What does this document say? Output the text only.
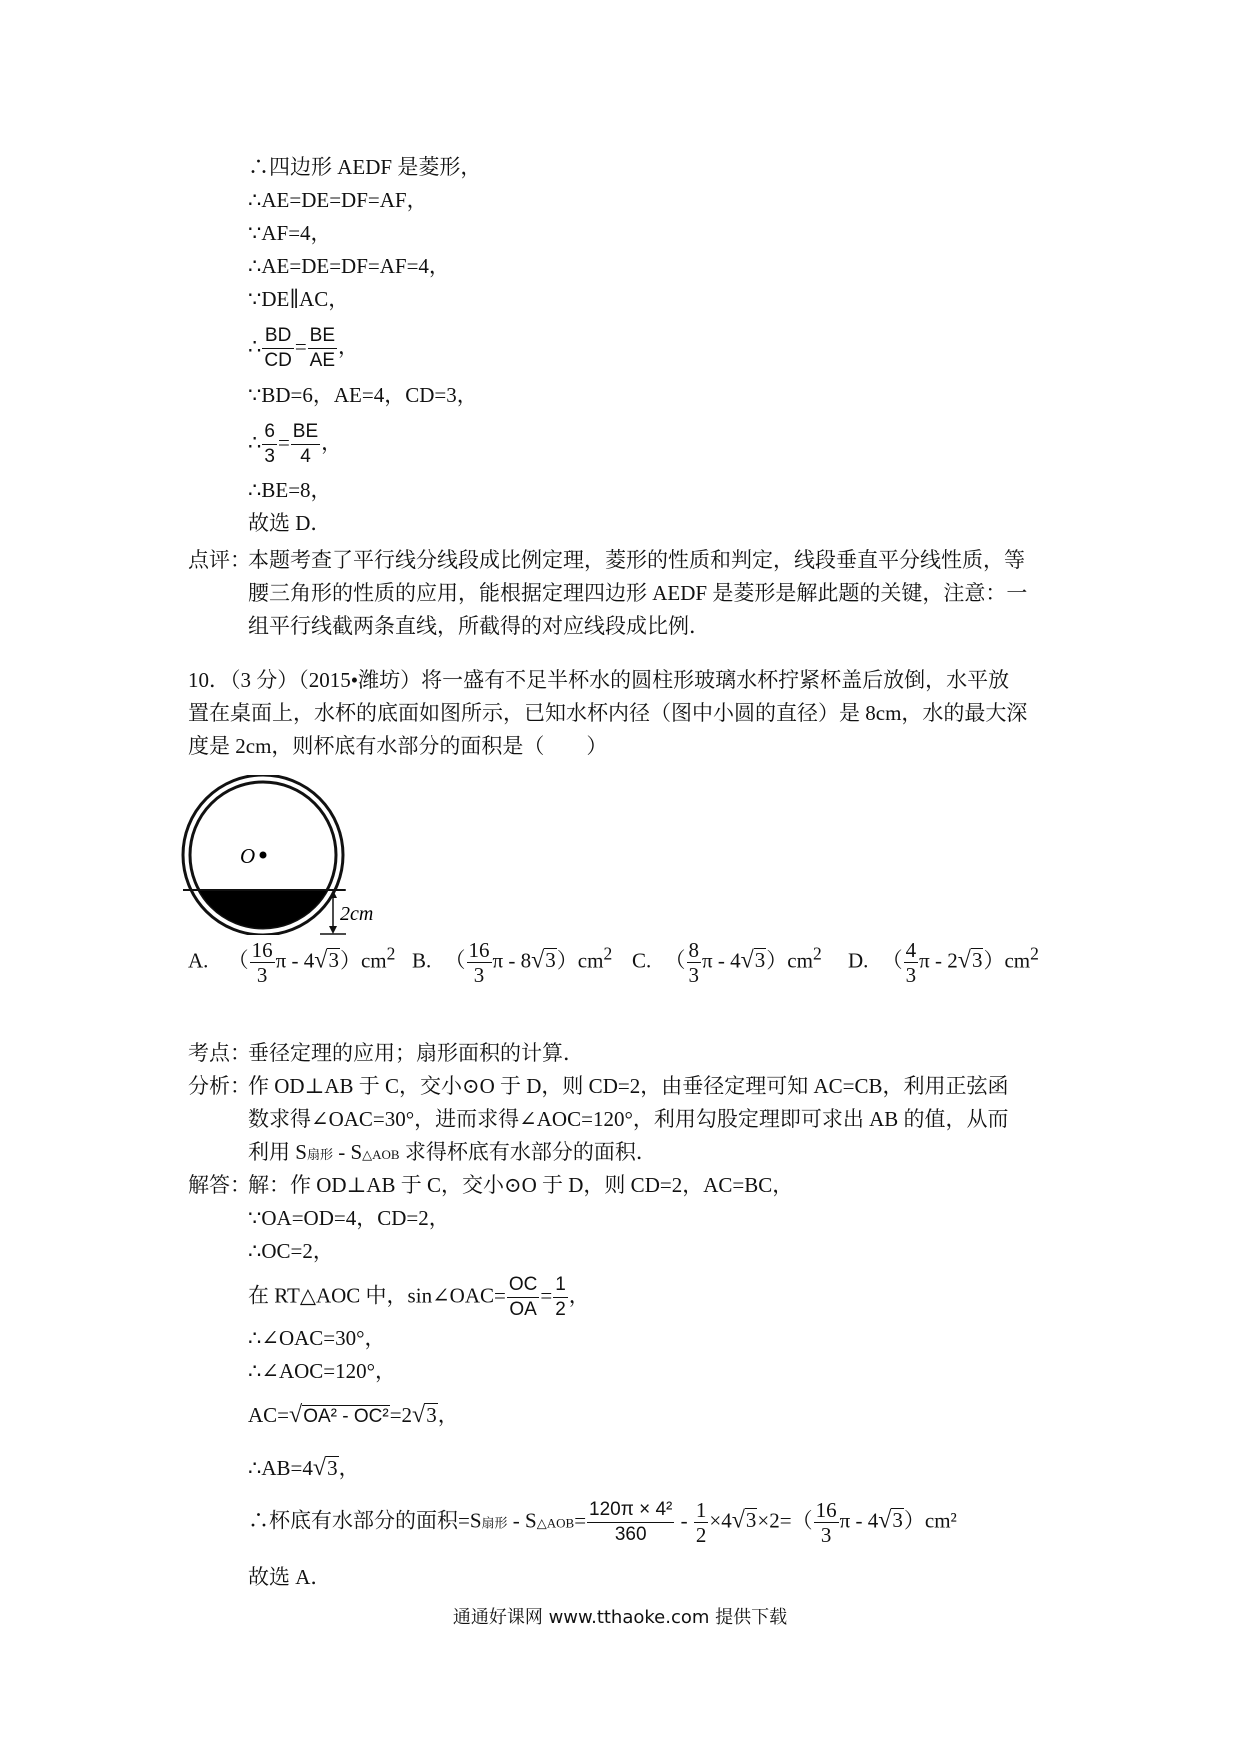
∴四边形 AEDF 是菱形，
∴AE=DE=DF=AF，
∵AF=4，
∴AE=DE=DF=AF=4，
∵DE∥AC，
∴ $\frac{BD}{CD} = \frac{BE}{AE}$ ，
∵BD=6，AE=4，CD=3，
∴ $\frac{6}{3} = \frac{BE}{4}$ ，
∴BE=8，
故选 D．
点评：
本题考查了平行线分线段成比例定理，菱形的性质和判定，线段垂直平分线性质，等
腰三角形的性质的应用，能根据定理四边形 AEDF 是菱形是解此题的关键，注意：一
组平行线截两条直线，所截得的对应线段成比例．
10．（3 分）（2015•潍坊）将一盛有不足半杯水的圆柱形玻璃水杯拧紧杯盖后放倒，水平放
置在桌面上，水杯的底面如图所示，已知水杯内径（图中小圆的直径）是 8cm，水的最大深
度是 2cm，则杯底有水部分的面积是（　　）
O
2cm
A. （ $\frac{16}{3}$ π - $4√3)cm^2$ B. （ $\frac{16}{3}$ π - $8√3)cm^2$ C. （ $\frac{8}{3}$ π - $4√3)cm^2$ D. （ $\frac{4}{3}$ π - $2√3)cm^2$
考点：
垂径定理的应用；扇形面积的计算．
分析：
作 OD⊥AB 于 C，交小⊙O 于 D，则 CD=2，由垂径定理可知 AC=CB，利用正弦函
数求得∠OAC=30°，进而求得∠AOC=120°，利用勾股定理即可求出 AB 的值，从而
利用 S扇形 - S△AOB 求得杯底有水部分的面积．
解答：
解：作 OD⊥AB 于 C，交小⊙O 于 D，则 CD=2，AC=BC，
∵OA=OD=4，CD=2，
∴OC=2，
在 RT△AOC 中，sin∠OAC= $\frac{OC}{OA} = \frac{1}{2}$ ，
∴∠OAC=30°，
∴∠AOC=120°，
AC=√OA² - OC²=2√3，
∴AB=4√3，
∴杯底有水部分的面积=S扇形 - S△AOB= $\frac{\text{120π × 4²}}{360} - \frac{1}{2} \times 4√3\times 2=( \frac{16}{3}$ π - 4√3）cm²
故选 A．
通通好课网 www.tthaoke.com 提供下载
